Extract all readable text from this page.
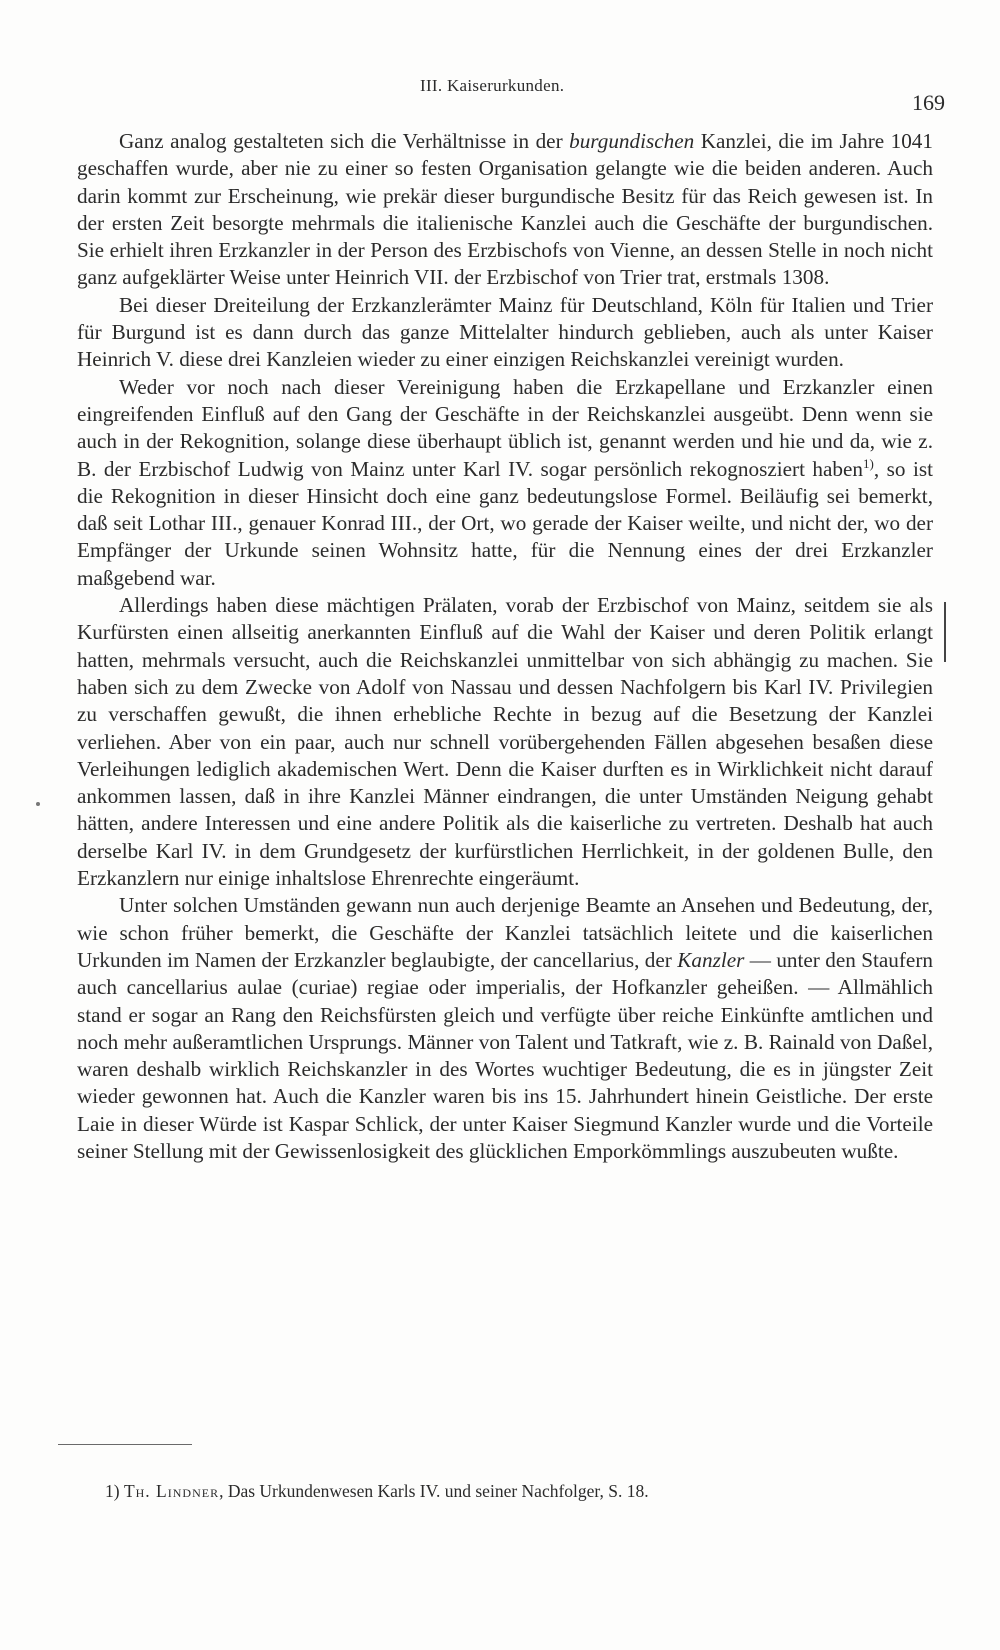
III. Kaiserurkunden.
169

Ganz analog gestalteten sich die Verhältnisse in der burgundischen Kanzlei, die im Jahre 1041 geschaffen wurde, aber nie zu einer so festen Organisation gelangte wie die beiden anderen. Auch darin kommt zur Erscheinung, wie prekär dieser burgundische Besitz für das Reich gewesen ist. In der ersten Zeit besorgte mehrmals die italienische Kanzlei auch die Geschäfte der burgundischen. Sie erhielt ihren Erzkanzler in der Person des Erzbischofs von Vienne, an dessen Stelle in noch nicht ganz aufgeklärter Weise unter Heinrich VII. der Erzbischof von Trier trat, erstmals 1308.

Bei dieser Dreiteilung der Erzkanzlerämter Mainz für Deutschland, Köln für Italien und Trier für Burgund ist es dann durch das ganze Mittelalter hindurch geblieben, auch als unter Kaiser Heinrich V. diese drei Kanzleien wieder zu einer einzigen Reichskanzlei vereinigt wurden.

Weder vor noch nach dieser Vereinigung haben die Erzkapellane und Erzkanzler einen eingreifenden Einfluß auf den Gang der Geschäfte in der Reichskanzlei ausgeübt. Denn wenn sie auch in der Rekognition, solange diese überhaupt üblich ist, genannt werden und hie und da, wie z. B. der Erzbischof Ludwig von Mainz unter Karl IV. sogar persönlich rekognosziert haben$^{1)}$, so ist die Rekognition in dieser Hinsicht doch eine ganz bedeutungslose Formel. Beiläufig sei bemerkt, daß seit Lothar III., genauer Konrad III., der Ort, wo gerade der Kaiser weilte, und nicht der, wo der Empfänger der Urkunde seinen Wohnsitz hatte, für die Nennung eines der drei Erzkanzler maßgebend war.

Allerdings haben diese mächtigen Prälaten, vorab der Erzbischof von Mainz, seitdem sie als Kurfürsten einen allseitig anerkannten Einfluß auf die Wahl der Kaiser und deren Politik erlangt hatten, mehrmals versucht, auch die Reichskanzlei unmittelbar von sich abhängig zu machen. Sie haben sich zu dem Zwecke von Adolf von Nassau und dessen Nachfolgern bis Karl IV. Privilegien zu verschaffen gewußt, die ihnen erhebliche Rechte in bezug auf die Besetzung der Kanzlei verliehen. Aber von ein paar, auch nur schnell vorübergehenden Fällen abgesehen besaßen diese Verleihungen lediglich akademischen Wert. Denn die Kaiser durften es in Wirklichkeit nicht darauf ankommen lassen, daß in ihre Kanzlei Männer eindrangen, die unter Umständen Neigung gehabt hätten, andere Interessen und eine andere Politik als die kaiserliche zu vertreten. Deshalb hat auch derselbe Karl IV. in dem Grundgesetz der kurfürstlichen Herrlichkeit, in der goldenen Bulle, den Erzkanzlern nur einige inhaltslose Ehrenrechte eingeräumt.

Unter solchen Umständen gewann nun auch derjenige Beamte an Ansehen und Bedeutung, der, wie schon früher bemerkt, die Geschäfte der Kanzlei tatsächlich leitete und die kaiserlichen Urkunden im Namen der Erzkanzler beglaubigte, der cancellarius, der Kanzler — unter den Staufern auch cancellarius aulae (curiae) regiae oder imperialis, der Hofkanzler geheißen. — Allmählich stand er sogar an Rang den Reichsfürsten gleich und verfügte über reiche Einkünfte amtlichen und noch mehr außeramtlichen Ursprungs. Männer von Talent und Tatkraft, wie z. B. Rainald von Daßel, waren deshalb wirklich Reichskanzler in des Wortes wuchtiger Bedeutung, die es in jüngster Zeit wieder gewonnen hat. Auch die Kanzler waren bis ins 15. Jahrhundert hinein Geistliche. Der erste Laie in dieser Würde ist Kaspar Schlick, der unter Kaiser Siegmund Kanzler wurde und die Vorteile seiner Stellung mit der Gewissenlosigkeit des glücklichen Emporkömmlings auszubeuten wußte.

1) Th. Lindner, Das Urkundenwesen Karls IV. und seiner Nachfolger, S. 18.
